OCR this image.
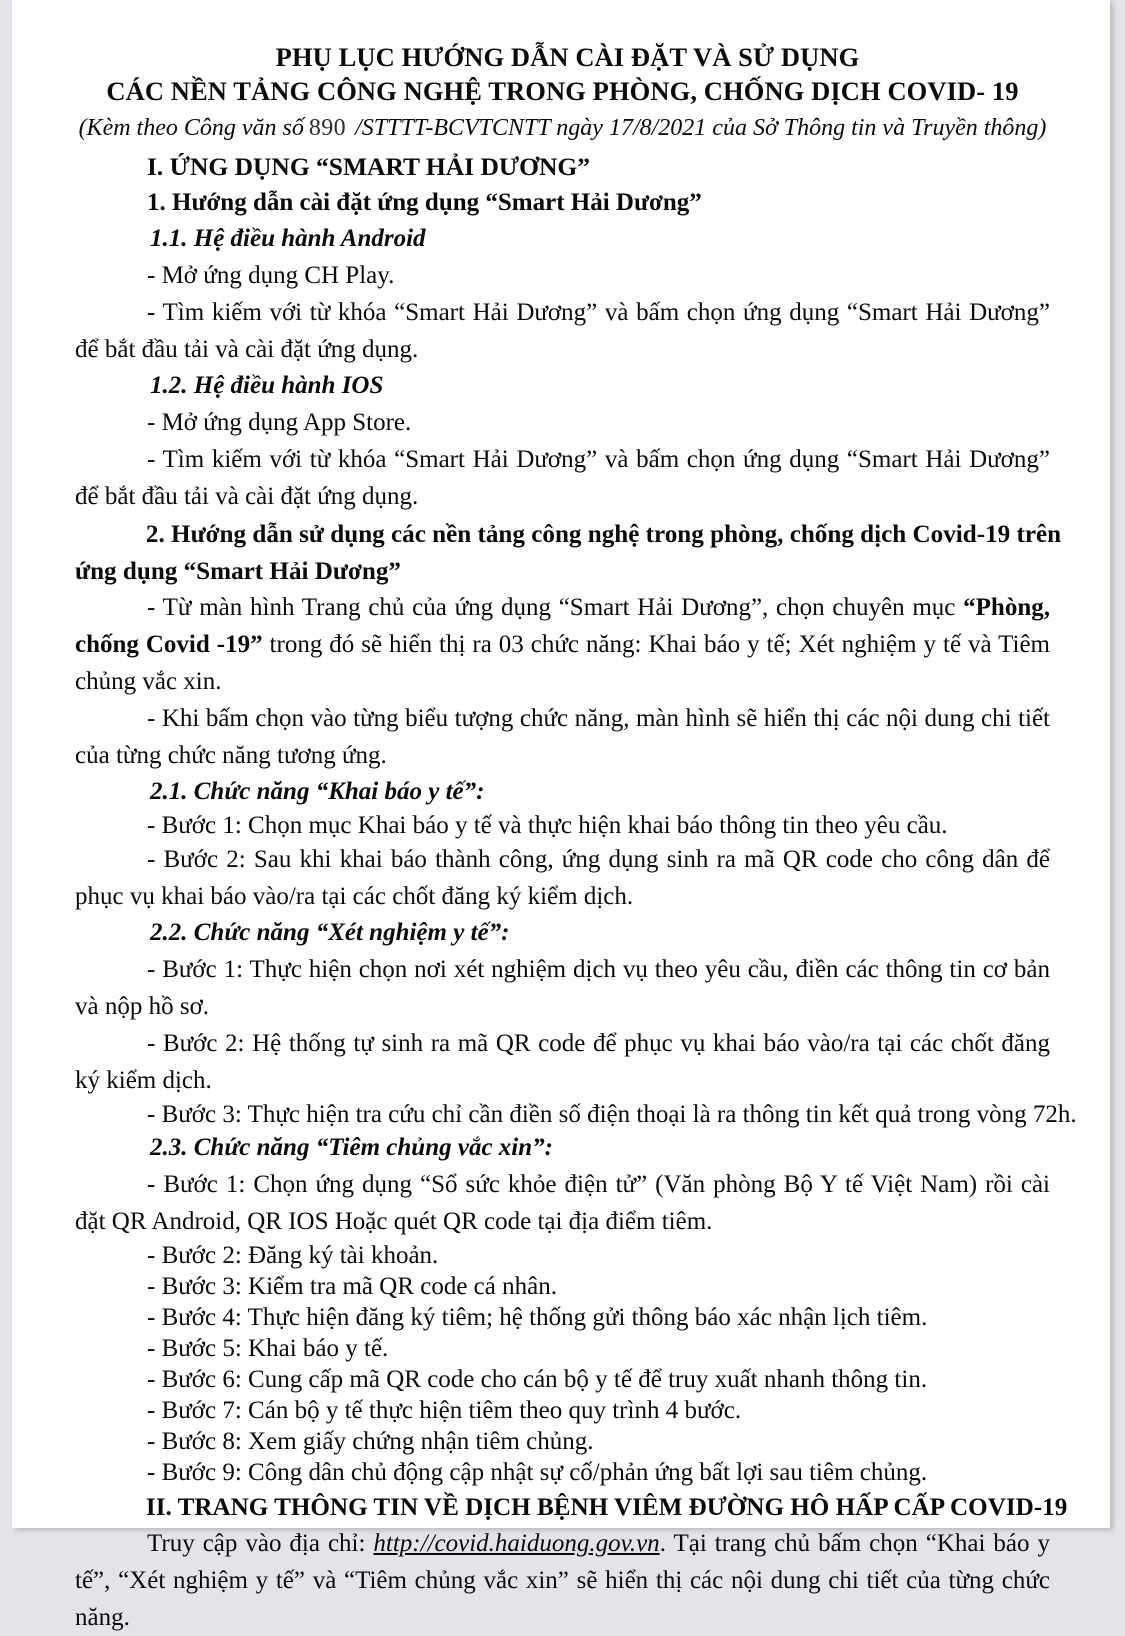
PHỤ LỤC HƯỚNG DẪN CÀI ĐẶT VÀ SỬ DỤNG
CÁC NỀN TẢNG CÔNG NGHỆ TRONG PHÒNG, CHỐNG DỊCH COVID- 19
(Kèm theo Công văn số 890 /STTTT-BCVTCNTT ngày 17/8/2021 của Sở Thông tin và Truyền thông)
I. ỨNG DỤNG “SMART HẢI DƯƠNG”
1. Hướng dẫn cài đặt ứng dụng “Smart Hải Dương”
1.1. Hệ điều hành Android

- Mở ứng dụng CH Play.

- Tìm kiếm với từ khóa “Smart Hải Dương” và bấm chọn ứng dụng “Smart Hải Dương” để bắt đầu tải và cài đặt ứng dụng.

1.2. Hệ điều hành IOS

- Mở ứng dụng App Store.

- Tìm kiếm với từ khóa “Smart Hải Dương” và bấm chọn ứng dụng “Smart Hải Dương” để bắt đầu tải và cài đặt ứng dụng.

2. Hướng dẫn sử dụng các nền tảng công nghệ trong phòng, chống dịch Covid-19 trên
ứng dụng “Smart Hải Dương”

- Từ màn hình Trang chủ của ứng dụng “Smart Hải Dương”, chọn chuyên mục “Phòng, chống Covid -19” trong đó sẽ hiển thị ra 03 chức năng: Khai báo y tế; Xét nghiệm y tế và Tiêm chủng vắc xin.

- Khi bấm chọn vào từng biểu tượng chức năng, màn hình sẽ hiển thị các nội dung chi tiết của từng chức năng tương ứng.

2.1. Chức năng “Khai báo y tế”:

- Bước 1: Chọn mục Khai báo y tế và thực hiện khai báo thông tin theo yêu cầu.

- Bước 2: Sau khi khai báo thành công, ứng dụng sinh ra mã QR code cho công dân để phục vụ khai báo vào/ra tại các chốt đăng ký kiểm dịch.

2.2. Chức năng “Xét nghiệm y tế”:

- Bước 1: Thực hiện chọn nơi xét nghiệm dịch vụ theo yêu cầu, điền các thông tin cơ bản và nộp hồ sơ.

- Bước 2: Hệ thống tự sinh ra mã QR code để phục vụ khai báo vào/ra tại các chốt đăng ký kiểm dịch.

- Bước 3: Thực hiện tra cứu chỉ cần điền số điện thoại là ra thông tin kết quả trong vòng 72h.

2.3. Chức năng “Tiêm chủng vắc xin”:

- Bước 1: Chọn ứng dụng “Sổ sức khỏe điện tử” (Văn phòng Bộ Y tế Việt Nam) rồi cài đặt QR Android, QR IOS Hoặc quét QR code tại địa điểm tiêm.

- Bước 2: Đăng ký tài khoản.

- Bước 3: Kiểm tra mã QR code cá nhân.

- Bước 4: Thực hiện đăng ký tiêm; hệ thống gửi thông báo xác nhận lịch tiêm.

- Bước 5: Khai báo y tế.

- Bước 6: Cung cấp mã QR code cho cán bộ y tế để truy xuất nhanh thông tin.

- Bước 7: Cán bộ y tế thực hiện tiêm theo quy trình 4 bước.

- Bước 8: Xem giấy chứng nhận tiêm chủng.

- Bước 9: Công dân chủ động cập nhật sự cố/phản ứng bất lợi sau tiêm chủng.

II. TRANG THÔNG TIN VỀ DỊCH BỆNH VIÊM ĐƯỜNG HÔ HẤP CẤP COVID-19

Truy cập vào địa chỉ: http://covid.haiduong.gov.vn. Tại trang chủ bấm chọn “Khai báo y tế”, “Xét nghiệm y tế” và “Tiêm chủng vắc xin” sẽ hiển thị các nội dung chi tiết của từng chức năng.
